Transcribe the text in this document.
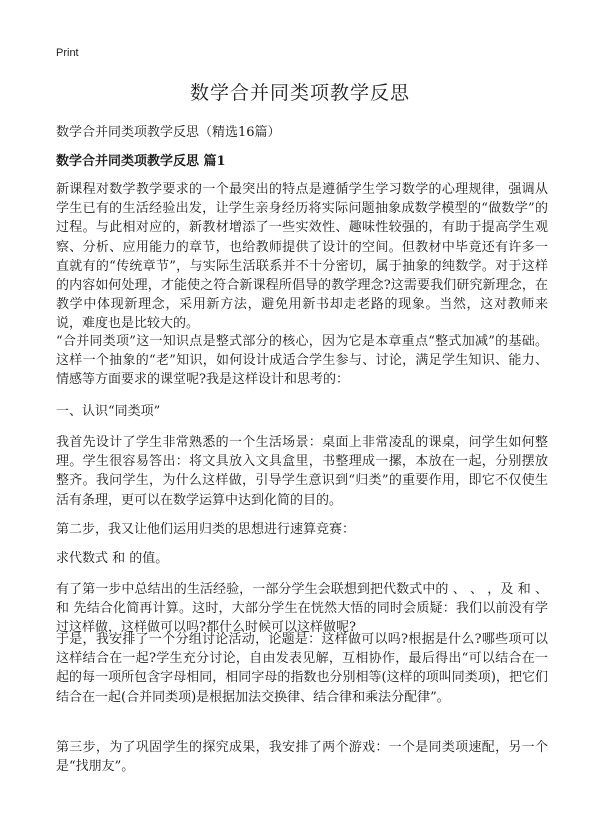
Print
数学合并同类项教学反思
数学合并同类项教学反思（精选16篇）
数学合并同类项教学反思 篇1

新课程对数学教学要求的一个最突出的特点是遵循学生学习数学的心理规律，强调从学生已有的生活经验出发，让学生亲身经历将实际问题抽象成数学模型的“做数学”的过程。与此相对应的，新教材增添了一些实效性、趣味性较强的，有助于提高学生观察、分析、应用能力的章节，也给教师提供了设计的空间。但教材中毕竟还有许多一直就有的“传统章节”，与实际生活联系并不十分密切，属于抽象的纯数学。对于这样的内容如何处理，才能使之符合新课程所倡导的教学理念?这需要我们研究新理念，在教学中体现新理念，采用新方法，避免用新书却走老路的现象。当然，这对教师来说，难度也是比较大的。

“合并同类项”这一知识点是整式部分的核心，因为它是本章重点“整式加减”的基础。这样一个抽象的“老”知识，如何设计成适合学生参与、讨论，满足学生知识、能力、情感等方面要求的课堂呢?我是这样设计和思考的：

一、认识“同类项”

我首先设计了学生非常熟悉的一个生活场景：桌面上非常凌乱的课桌，问学生如何整理。学生很容易答出：将文具放入文具盒里，书整理成一摞，本放在一起，分别摆放整齐。我问学生，为什么这样做，引导学生意识到“归类”的重要作用，即它不仅使生活有条理，更可以在数学运算中达到化简的目的。

第二步，我又让他们运用归类的思想进行速算竞赛：

求代数式 和 的值。

有了第一步中总结出的生活经验，一部分学生会联想到把代数式中的 、 、 ，及 和 、和 先结合化简再计算。这时，大部分学生在恍然大悟的同时会质疑：我们以前没有学过这样做，这样做可以吗?都什么时候可以这样做呢?

于是，我安排了一个分组讨论活动，论题是：这样做可以吗?根据是什么?哪些项可以这样结合在一起?学生充分讨论，自由发表见解，互相协作，最后得出“可以结合在一起的每一项所包含字母相同，相同字母的指数也分别相等(这样的项叫同类项)，把它们结合在一起(合并同类项)是根据加法交换律、结合律和乘法分配律”。

第三步，为了巩固学生的探究成果，我安排了两个游戏：一个是同类项速配，另一个是“找朋友”。
